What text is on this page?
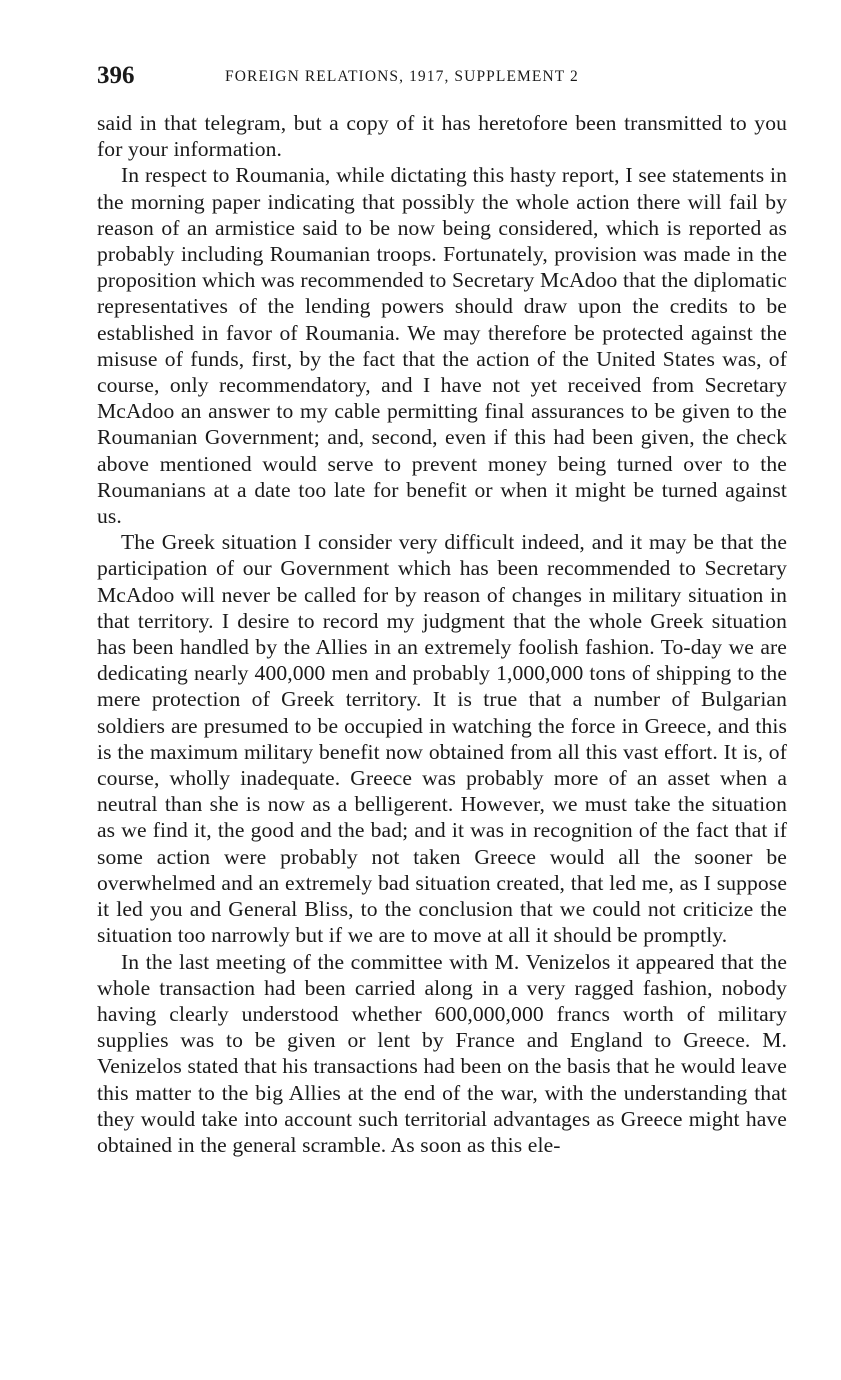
396	FOREIGN RELATIONS, 1917, SUPPLEMENT 2

said in that telegram, but a copy of it has heretofore been transmitted to you for your information.

In respect to Roumania, while dictating this hasty report, I see statements in the morning paper indicating that possibly the whole action there will fail by reason of an armistice said to be now being considered, which is reported as probably including Roumanian troops. Fortunately, provision was made in the proposition which was recommended to Secretary McAdoo that the diplomatic representatives of the lending powers should draw upon the credits to be established in favor of Roumania. We may therefore be protected against the misuse of funds, first, by the fact that the action of the United States was, of course, only recommendatory, and I have not yet received from Secretary McAdoo an answer to my cable permitting final assurances to be given to the Roumanian Government; and, second, even if this had been given, the check above mentioned would serve to prevent money being turned over to the Roumanians at a date too late for benefit or when it might be turned against us.

The Greek situation I consider very difficult indeed, and it may be that the participation of our Government which has been recommended to Secretary McAdoo will never be called for by reason of changes in military situation in that territory. I desire to record my judgment that the whole Greek situation has been handled by the Allies in an extremely foolish fashion. To-day we are dedicating nearly 400,000 men and probably 1,000,000 tons of shipping to the mere protection of Greek territory. It is true that a number of Bulgarian soldiers are presumed to be occupied in watching the force in Greece, and this is the maximum military benefit now obtained from all this vast effort. It is, of course, wholly inadequate. Greece was probably more of an asset when a neutral than she is now as a belligerent. However, we must take the situation as we find it, the good and the bad; and it was in recognition of the fact that if some action were probably not taken Greece would all the sooner be overwhelmed and an extremely bad situation created, that led me, as I suppose it led you and General Bliss, to the conclusion that we could not criticize the situation too narrowly but if we are to move at all it should be promptly.

In the last meeting of the committee with M. Venizelos it appeared that the whole transaction had been carried along in a very ragged fashion, nobody having clearly understood whether 600,000,000 francs worth of military supplies was to be given or lent by France and England to Greece. M. Venizelos stated that his transactions had been on the basis that he would leave this matter to the big Allies at the end of the war, with the understanding that they would take into account such territorial advantages as Greece might have obtained in the general scramble. As soon as this ele-
